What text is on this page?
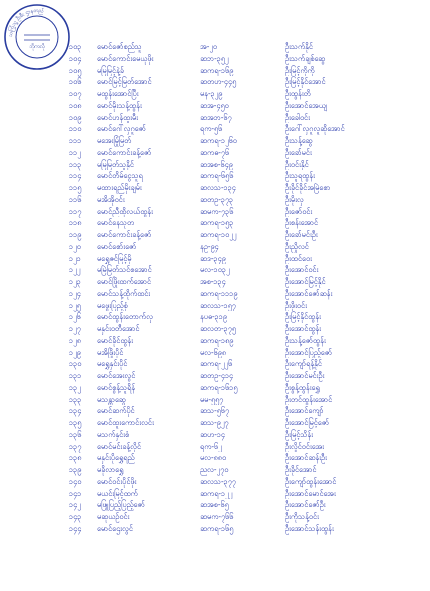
သကြံ့သူ့ ဦးစီး ဌာနတည်
ဘိုကလို	၁၀၃	မောင်ဇော်စည်သူ	အ-၂၀	ဦးသက်နိုင်
၁၀၄	မောင်ကောင်းမေယုဖိုး	ဆဘ-၃၅၂	ဦးသက်ချစ်ဆွေ
၁၀၅	မမြမြင့်နဲ့ခ်	ဆကရ-၁၆၉	ဦးမြင့်ကိုကို
၁၀၆	မောင်မြင့်မြတ်အောင်	ဆတဟ-၄၄၅	ဦးမြင့်နိုင်အောင်
၁၀၇	မထွန်းအောင်ပြီး	မန-၃၂၉	ဦးထွန်းတိ
၁၀၈	မောင်မိုးသန့်ထွန်း	ဆအ-၄၅၀	ဦးအောင်အေယျ
၁၀၉	မောင်ဟန်ထူးမီး	ဆအဘ-၆၇	ဦးခေါဝင်း
၁၁၀	မောင်ဂေါ်လှဂူဇော်	ရက-၅၆	ဦးဂေါ်လှဂူလူဆိုအောင်
၁၁၁	မအေးမြုံမြတ်	ဆကရ-၁၂၆၀	ဦးသန့်ဆွေ
၁၁၂	မောင်ကောင်းခန့်ဇော်	ဆကဓ-၇၆	ဦးခော်မင်း
၁၁၃	မမြမြတ်သူနိုင်	ဆအစ-၆၄၉	ဦးဝင်းနိုင်
၁၁၄	မောင်တိမ်ငွေသူရ	ဆကရ-၆၅၆	ဦးသူရထွန်း
၁၁၅	မထားရည်မိုးချမ်း	ဆလသ-၁၃၄	ဦးခိုင်ခိုင်အမြဲစော
၁၁၆	မအိအိုဝင်း	ဆတဥ-၃၇၃	ဦးမိုးလှ
၁၁၇	မောင်ညီထိုလယ်ထွန်း	ဆမက-၇၃၆	ဦးဇော်ဝင်း
၁၁၈	မောင်နေသုတ	ဆကရ-၁၅၃	ဦးစန်းအောင်
၁၁၉	မောင်ကောင်းခန့်ဇော်	ဆကရ-၁၀၂၂	ဦးခော်မင်းဦး
၁၂၀	မောင်စော်းဇော်	နဥ-၉၄	ဦးညှိုလင်
၁၂၁	မရွှေဇင်မြင့်မို	ဆဒ-၃၄၉	ဦးထင်ဝေး
၁၂၂	မမြဲမြတ်သင်စအောင်	မလ-၁၀၃၂	ဦးအောင်ဝင်း
၁၂၃	မောင်ဖြိုးထက်အောင်	အစ-၁၃၄	ဦးအောင်မြင့်နိုင်
၁၂၄	မောင်သန့်ထိုက်ထင်း	ဆကရ-၁၁၁၉	ဦးအောင်ဇော်ဆန်း
၁၂၅	မဖွေးပြည့်စုံ	ဆလသ-၁၅၇	ဦးဖိုးဝင်း
၁၂၆	မောင်ထွန်းတောက်လှ	နပဓ-၃၁၉	ဦးမြင့်နိုင်ထွန်း
၁၂၇	မနှင်းဝတီအောင်	ဆလတ-၃၇၅	ဦးအောင်ထွန်း
၁၂၈	မောင်ခိုင်ထွန်း	ဆကရ-၁၈၉	ဦးသန့်ဇော်ထွန်း
၁၂၉	မအိဖြိုးပိုင်	မလ-၆၉၈	ဦးအောင်ပြည့်ဇော်
၁၃၀	မရွှေနှင်းပိုင်	ဆကရ-၂၂၆	ဦးကျော်ရန့်နိုင်
၁၃၁	မောင်အေးလွင်	ဆတဥ-၄၁၄	ဦးအောင်မင်းဦး
၁၃၂	မောင်စွန့်သူရိန်	ဆကရ-၁၆၁၅	ဦးစွန့်ထွန်းရွှေ
၁၃၃	မသန္တာဆွေ	မမ-၅၅၇	ဦးတင်ထွန်းအောင်
၁၃၄	မောင်ဆက်ပိုင်	ဆသ-၅၆၇	ဦးအောင်ကျော်
၁၃၅	မောင်ထူးကောင်းလင်း	ဆသ-၉၂၇	ဦးအောင်မြင့်ဇော်
၁၃၆	မသက်နှင်းစံ	ဆဟ-၁၄	ဦးမြင့်သိန်း
၁၃၇	မောင်မင်းခန့်လိုင်	ရက-၆၂	ဦးလှိုင်ဝင်းအေး
၁၃၈	မနှင်းပိုရွှေရည်	မလ-၈၈၀	ဦးအောင်ဆန်းဦး
၁၃၉	မခိုလာရွှေ	ညလ-၂၇၀	ဦးခိုင်အောင်
၁၄၀	မောင်ဝင်းပိုင်ဖိုး	ဆလသ-၃၇၇	ဦးကျော်ထွန်းအောင်
၁၄၁	မယင်းမြင့်ထက်	ဆကရ-၁၂၂	ဦးအောင်မောင်အေး
၁၄၂	မဖြူပြည့်ပြည့်ဇော်	ဆအစ-၆၅	ဦးအောင်ဇော်ဦး
၁၄၃	မဆုယဉ်ဝင်း	ဆမက-၇၆၆	ဦးကိုသန့်ဝင်း
၁၄၄	မောင်ဌေးလွင်	ဆကရ-၁၆၅	ဦးအောင်သန်းထွန်း
